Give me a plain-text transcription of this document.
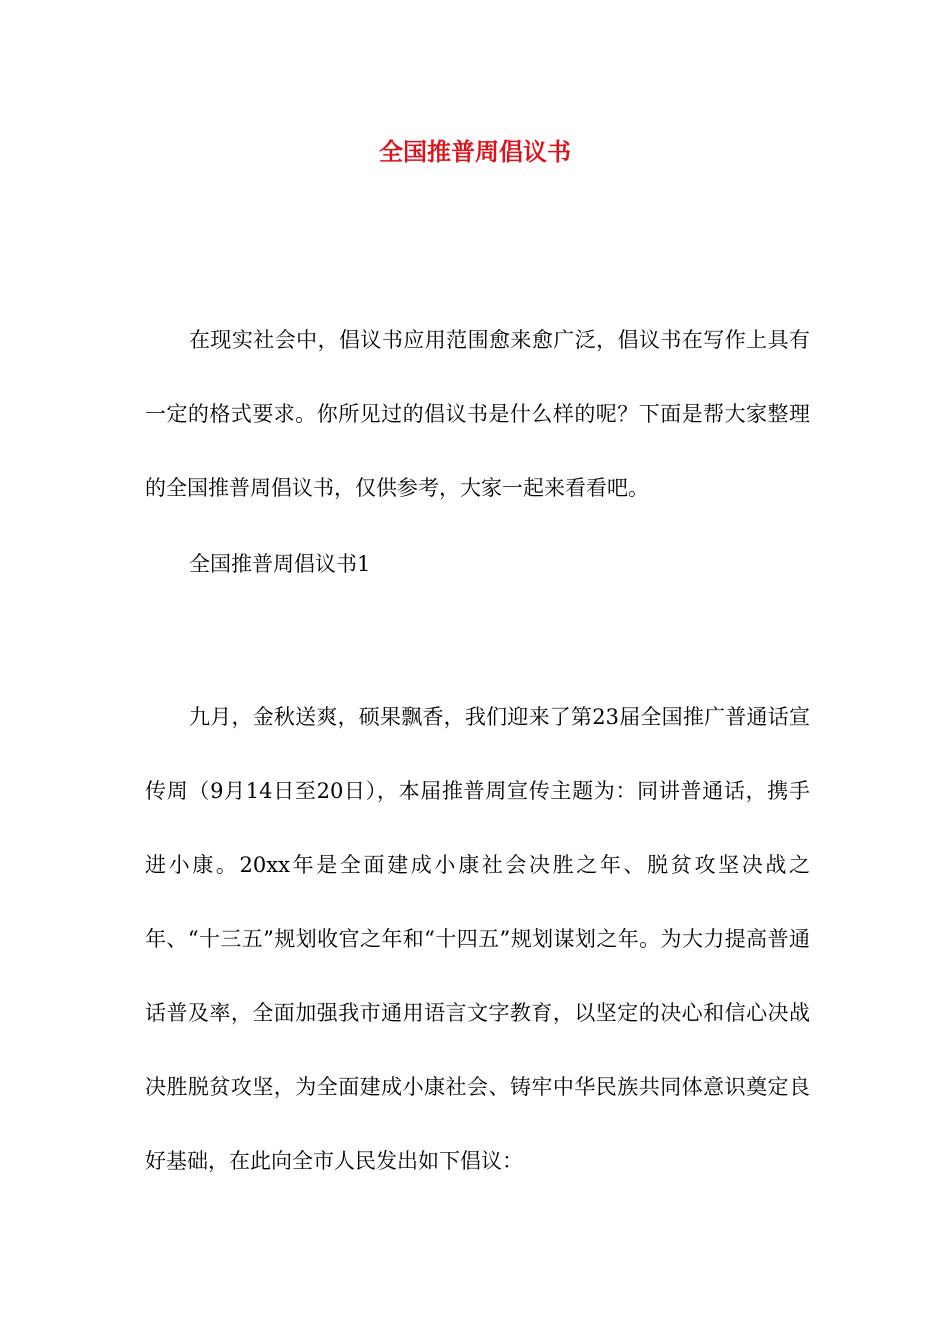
全国推普周倡议书

在现实社会中，倡议书应用范围愈来愈广泛，倡议书在写作上具有一定的格式要求。你所见过的倡议书是什么样的呢？下面是帮大家整理的全国推普周倡议书，仅供参考，大家一起来看看吧。

全国推普周倡议书1

九月，金秋送爽，硕果飘香，我们迎来了第23届全国推广普通话宣传周（9月14日至20日），本届推普周宣传主题为：同讲普通话，携手进小康。20xx年是全面建成小康社会决胜之年、脱贫攻坚决战之年、“十三五”规划收官之年和“十四五”规划谋划之年。为大力提高普通话普及率，全面加强我市通用语言文字教育，以坚定的决心和信心决战决胜脱贫攻坚，为全面建成小康社会、铸牢中华民族共同体意识奠定良好基础，在此向全市人民发出如下倡议：
